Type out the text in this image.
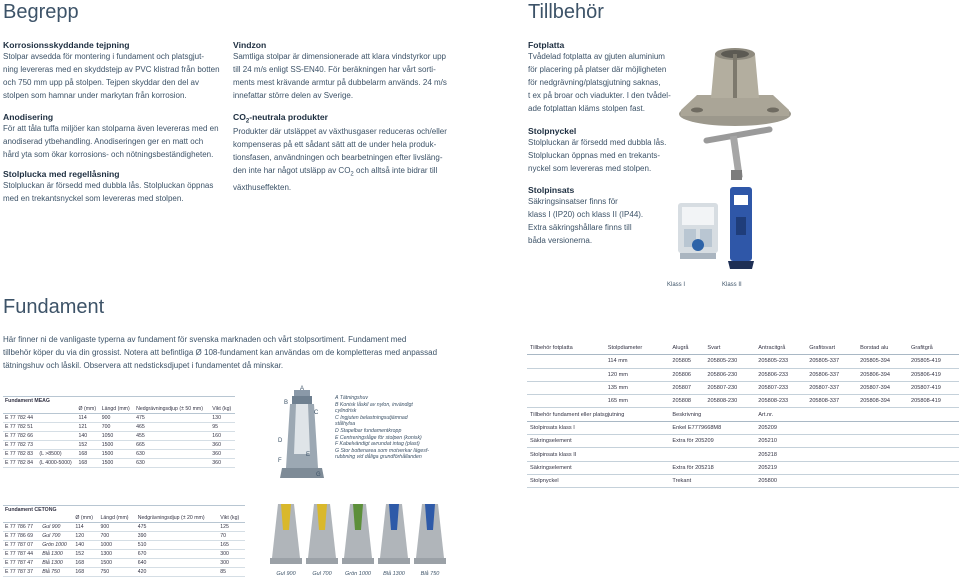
Begrepp	Tillbehör
Korrosionsskyddande tejpning
Stolpar avsedda för montering i fundament och platsgjut-
ning levereras med en skyddstejp av PVC klistrad från botten
och 750 mm upp på stolpen. Tejpen skyddar den del av
stolpen som hamnar under markytan från korrosion.
Anodisering
För att tåla tuffa miljöer kan stolparna även levereras med en
anodiserad ytbehandling. Anodiseringen ger en matt och
hård yta som ökar korrosions- och nötningsbeständigheten.
Stolplucka med regellåsning
Stolpluckan är försedd med dubbla lås. Stolpluckan öppnas
med en trekantsnyckel som levereras med stolpen.
Vindzon
Samtliga stolpar är dimensionerade att klara vindstyrkor upp
till 24 m/s enligt SS-EN40. För beräkningen har vårt sorti-
ments mest krävande armtur på dubbelarm används. 24 m/s
innefattar större delen av Sverige.
$CO_2$-neutrala produkter
Produkter där utsläppet av växthusgaser reduceras och/eller
kompenseras på ett sådant sätt att de under hela produk-
tionsfasen, användningen och bearbetningen efter livsläng-
den inte har något utsläpp av $CO_2$ och alltså inte bidrar till
växthuseffekten.
Fotplatta
Tvådelad fotplatta av gjuten aluminium
för placering på platser där möjligheten
för nedgrävning/platsgjutning saknas,
t ex på broar och viadukter. I den tvådel-
ade fotplattan kläms stolpen fast.
Stolpnyckel
Stolpluckan är försedd med dubbla lås.
Stolpluckan öppnas med en trekants-
nyckel som levereras med stolpen.
Stolpinsats
Säkringsinsatser finns för
klass I (IP20) och klass II (IP44).
Extra säkringshållare finns till
båda versionerna.
Klass I	Klass II
Fundament
Här finner ni de vanligaste typerna av fundament för svenska marknaden och vårt stolpsortiment. Fundament med
tillbehör köper du via din grossist. Notera att befintliga Ø 108-fundament kan användas om de kompletteras med anpassad
tätningshuv och låskil. Observera att nedsticksdjupet i fundamentet då minskar.
Fundament MEAG					
		Ø (mm)	Längd (mm)	Nedgrävningsdjup (± 50 mm)	Vikt (kg)
E 77 782 44		114	900	475	130
E 77 782 51		121	700	465	95
E 77 782 66		140	1050	455	160
E 77 782 73		152	1500	665	360
E 77 782 83	(L >8500)	168	1500	630	360
E 77 782 84	(L 4000-5000)	168	1500	630	360
Fundament CETONG					
		Ø (mm)	Längd (mm)	Nedgrävningsdjup (± 20 mm)	Vikt (kg)
E 77 786 77	Gul 900	114	900	475	125
E 77 786 69	Gul 700	120	700	390	70
E 77 787 07	Grön 1000	140	1000	510	165
E 77 787 44	Blå 1300	152	1300	670	300
E 77 787 47	Blå 1300	168	1500	640	300
E 77 787 37	Blå 750	168	750	420	85
A
B
C
D
E
F
G
A Tätningshuv
B Konisk låskil av nylon, invändigt
cylindrisk
C Ingjuten belastningsutjämnad
stålhylsa
D Stapelbar fundamentkropp
E Centreringslåge för stolpen (konisk)
F Kabelvändigt avrundat intag (plast)
G Stor bottenarea som motverkar lägesf-
rubbning vid dåliga grundförhållanden
Gul 900	Gul 700	Grön 1000	Blå 1300	Blå 750
Tillbehör fotplatta	Stolpdiameter	Alugrå	Svart	Antracitgrå	Grafitsvart	Borstad alu	Grafitgrå
	114 mm	205805	205805-230	205805-233	205805-337	205805-394	205805-419
	120 mm	205806	205806-230	205806-233	205806-337	205806-394	205806-419
	135 mm	205807	205807-230	205807-233	205807-337	205807-394	205807-419
	165 mm	205808	205808-230	205808-233	205808-337	205808-394	205808-419
Tillbehör fundament eller platsgjutning		Beskrivning		Art.nr.			
Stolpinsats klass I		Enkel E7779668M8		205209			
Säkringselement		Extra för 205209		205210			
Stolpinsats klass II				205218			
Säkringselement		Extra för 205218		205219			
Stolpnyckel		Trekant		205800			
